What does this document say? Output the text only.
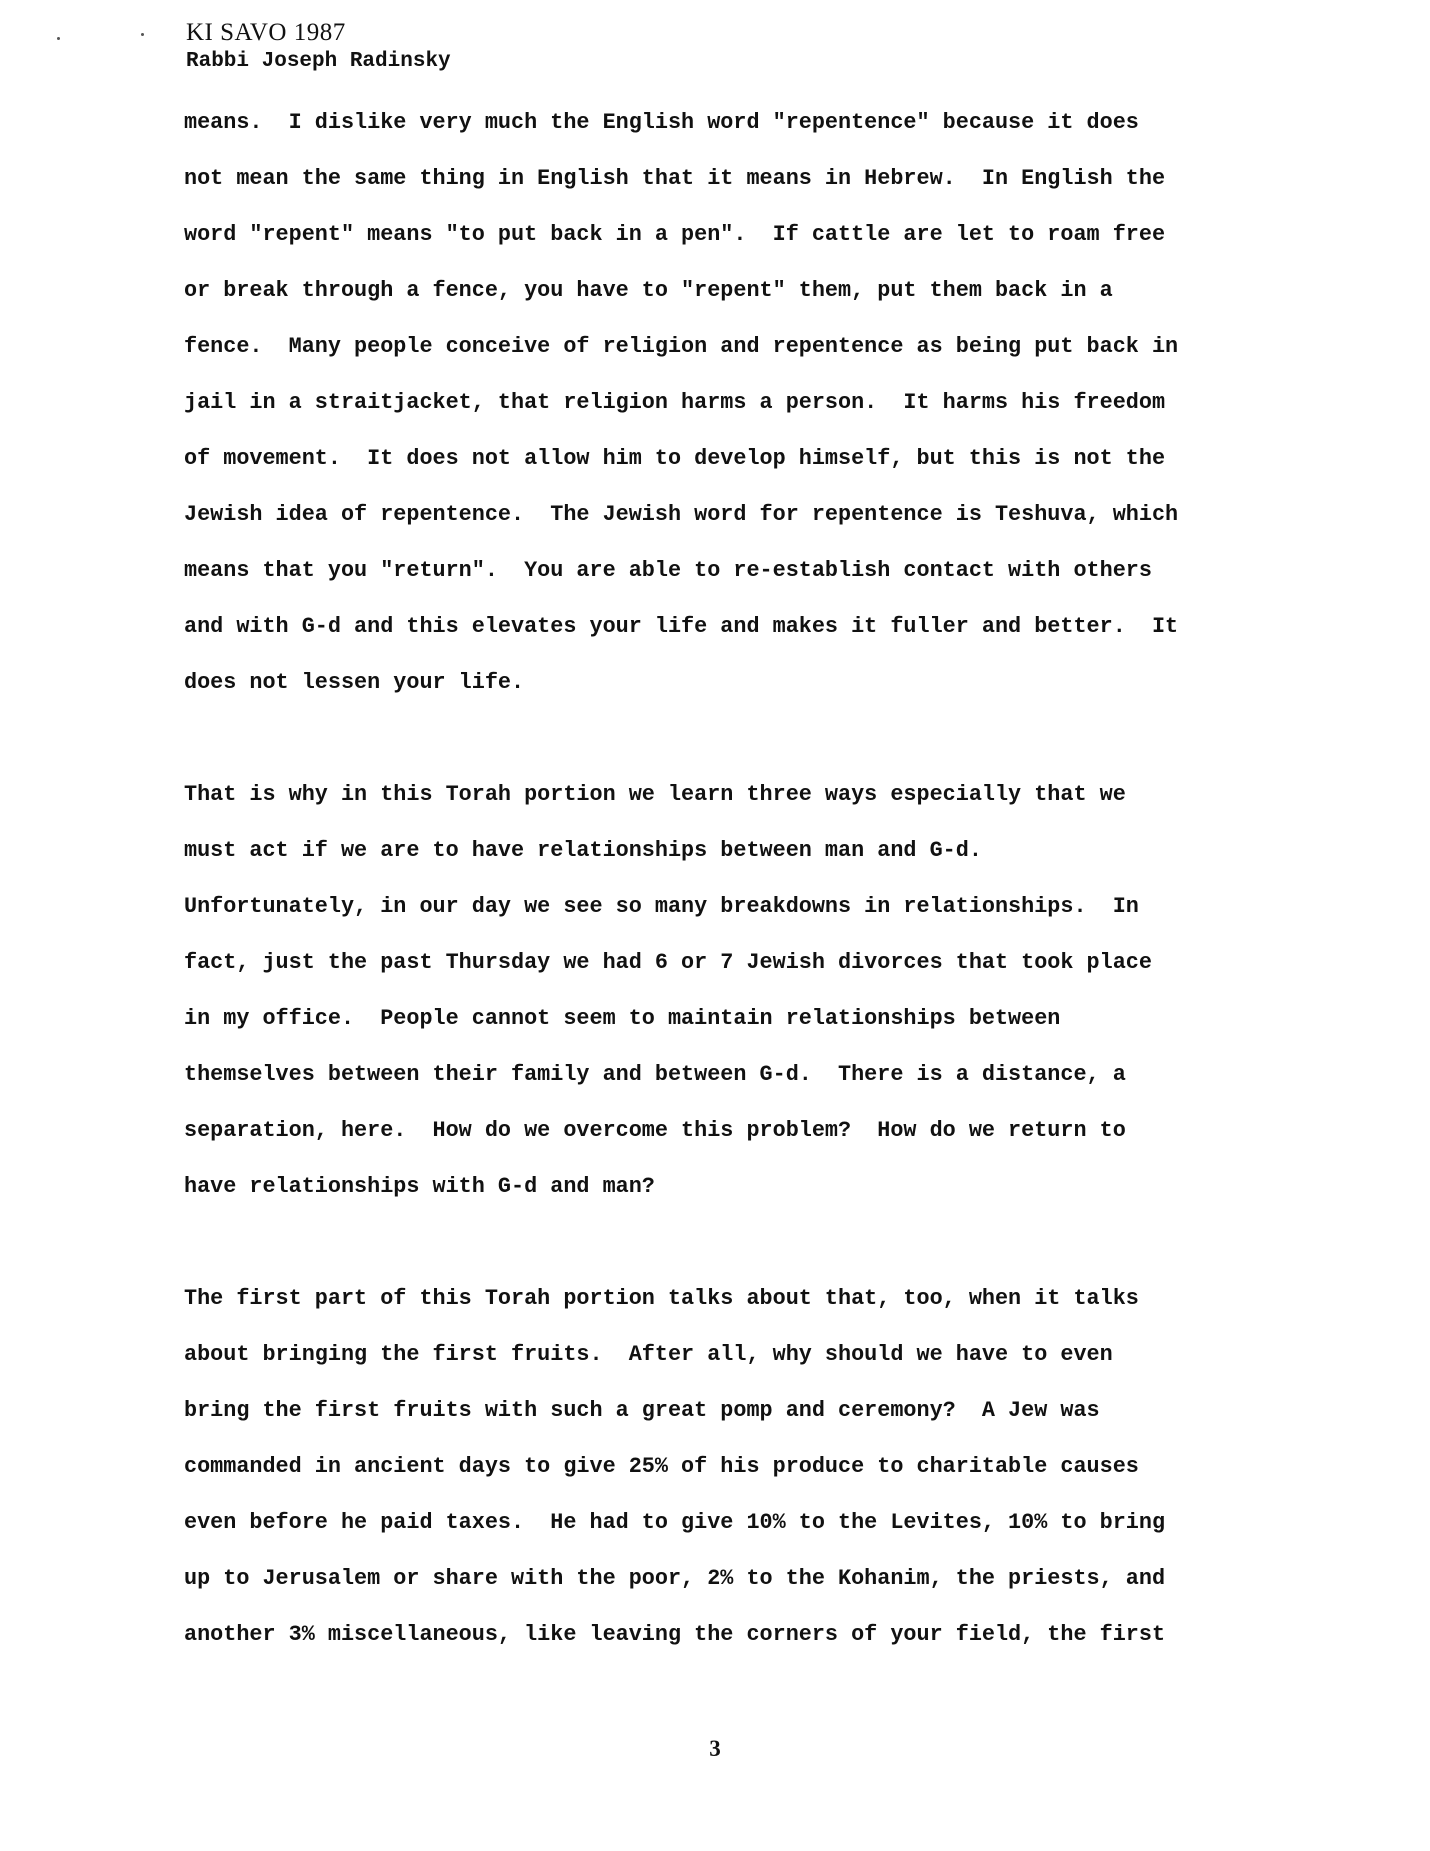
KI SAVO 1987
Rabbi Joseph Radinsky
means.  I dislike very much the English word "repentence" because it does
not mean the same thing in English that it means in Hebrew.  In English the
word "repent" means "to put back in a pen".  If cattle are let to roam free
or break through a fence, you have to "repent" them, put them back in a
fence.  Many people conceive of religion and repentence as being put back in
jail in a straitjacket, that religion harms a person.  It harms his freedom
of movement.  It does not allow him to develop himself, but this is not the
Jewish idea of repentence.  The Jewish word for repentence is Teshuva, which
means that you "return".  You are able to re-establish contact with others
and with G-d and this elevates your life and makes it fuller and better.  It
does not lessen your life.
That is why in this Torah portion we learn three ways especially that we
must act if we are to have relationships between man and G-d.
Unfortunately, in our day we see so many breakdowns in relationships.  In
fact, just the past Thursday we had 6 or 7 Jewish divorces that took place
in my office.  People cannot seem to maintain relationships between
themselves between their family and between G-d.  There is a distance, a
separation, here.  How do we overcome this problem?  How do we return to
have relationships with G-d and man?
The first part of this Torah portion talks about that, too, when it talks
about bringing the first fruits.  After all, why should we have to even
bring the first fruits with such a great pomp and ceremony?  A Jew was
commanded in ancient days to give 25% of his produce to charitable causes
even before he paid taxes.  He had to give 10% to the Levites, 10% to bring
up to Jerusalem or share with the poor, 2% to the Kohanim, the priests, and
another 3% miscellaneous, like leaving the corners of your field, the first
3
